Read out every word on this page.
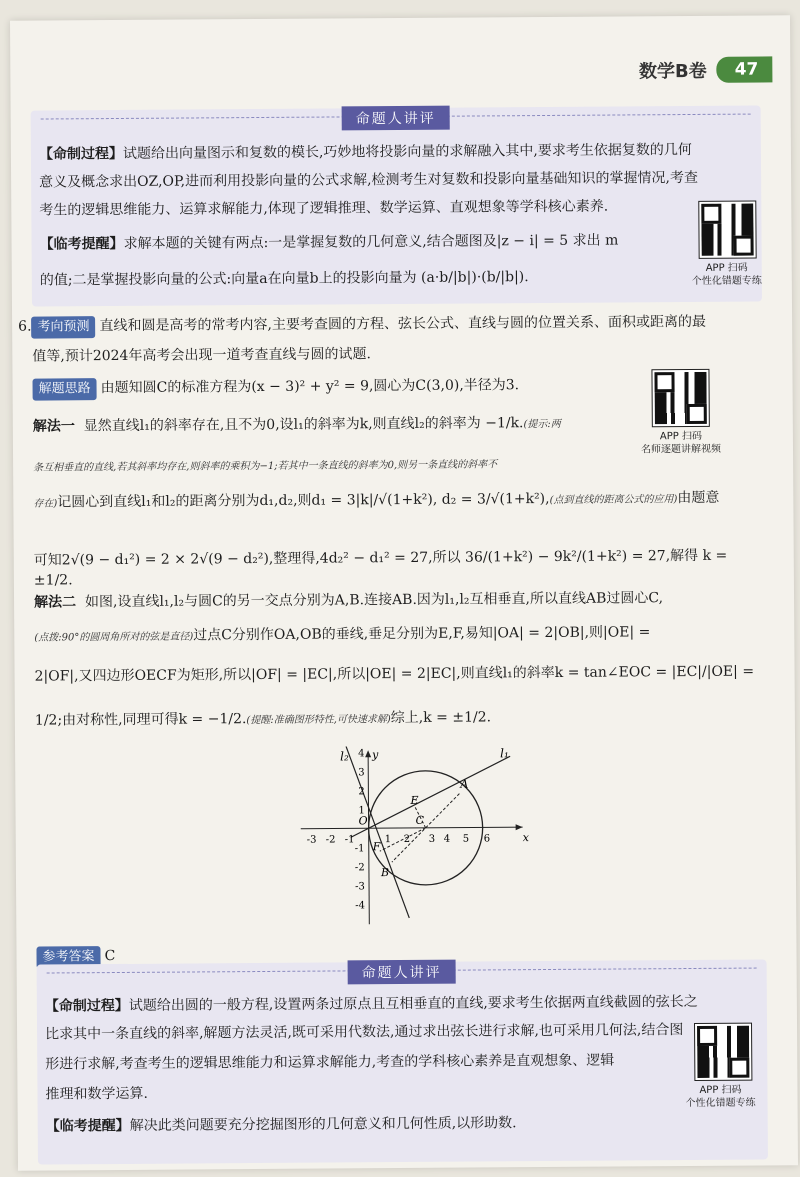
数学B卷	47
命题人讲评
【命制过程】试题给出向量图示和复数的模长,巧妙地将投影向量的求解融入其中,要求考生依据复数的几何
意义及概念求出OZ,OP,进而利用投影向量的公式求解,检测考生对复数和投影向量基础知识的掌握情况,考查
考生的逻辑思维能力、运算求解能力,体现了逻辑推理、数学运算、直观想象等学科核心素养.
【临考提醒】求解本题的关键有两点:一是掌握复数的几何意义,结合题图及|z − i| = 5 求出 m
的值;二是掌握投影向量的公式:向量a在向量b上的投影向量为 (a·b/|b|)·(b/|b|).
APP 扫码
个性化错题专练
6. 考向预测 直线和圆是高考的常考内容,主要考查圆的方程、弦长公式、直线与圆的位置关系、面积或距离的最
值等,预计2024年高考会出现一道考查直线与圆的试题.
解题思路 由题知圆C的标准方程为(x − 3)² + y² = 9,圆心为C(3,0),半径为3.
APP 扫码
名师逐题讲解视频
解法一 显然直线l₁的斜率存在,且不为0,设l₁的斜率为k,则直线l₂的斜率为 −1/k.(提示:两
条互相垂直的直线,若其斜率均存在,则斜率的乘积为−1;若其中一条直线的斜率为0,则另一条直线的斜率不
存在)记圆心到直线l₁和l₂的距离分别为d₁,d₂,则d₁ = 3|k|/√(1+k²), d₂ = 3/√(1+k²),(点到直线的距离公式的应用)由题意
可知2√(9 − d₁²) = 2 × 2√(9 − d₂²),整理得,4d₂² − d₁² = 27,所以 36/(1+k²) − 9k²/(1+k²) = 27,解得 k = ±1/2.
解法二 如图,设直线l₁,l₂与圆C的另一交点分别为A,B.连接AB.因为l₁,l₂互相垂直,所以直线AB过圆心C,
(点拨:90°的圆周角所对的弦是直径)过点C分别作OA,OB的垂线,垂足分别为E,F,易知|OA| = 2|OB|,则|OE| =
2|OF|,又四边形OECF为矩形,所以|OF| = |EC|,所以|OE| = 2|EC|,则直线l₁的斜率k = tan∠EOC = |EC|/|OE| =
1/2;由对称性,同理可得k = −1/2.(提醒:准确图形特性,可快速求解)综上,k = ±1/2.
l₂	l₁
y
x
O
A
B
C
E
F
-3 -2 -1	1 2 3 4 5 6
4
3
2
1
-1
-2
-3
-4
参考答案 C
命题人讲评
【命制过程】试题给出圆的一般方程,设置两条过原点且互相垂直的直线,要求考生依据两直线截圆的弦长之
比求其中一条直线的斜率,解题方法灵活,既可采用代数法,通过求出弦长进行求解,也可采用几何法,结合图
形进行求解,考查考生的逻辑思维能力和运算求解能力,考查的学科核心素养是直观想象、逻辑
推理和数学运算.
【临考提醒】解决此类问题要充分挖掘图形的几何意义和几何性质,以形助数.
APP 扫码
个性化错题专练
